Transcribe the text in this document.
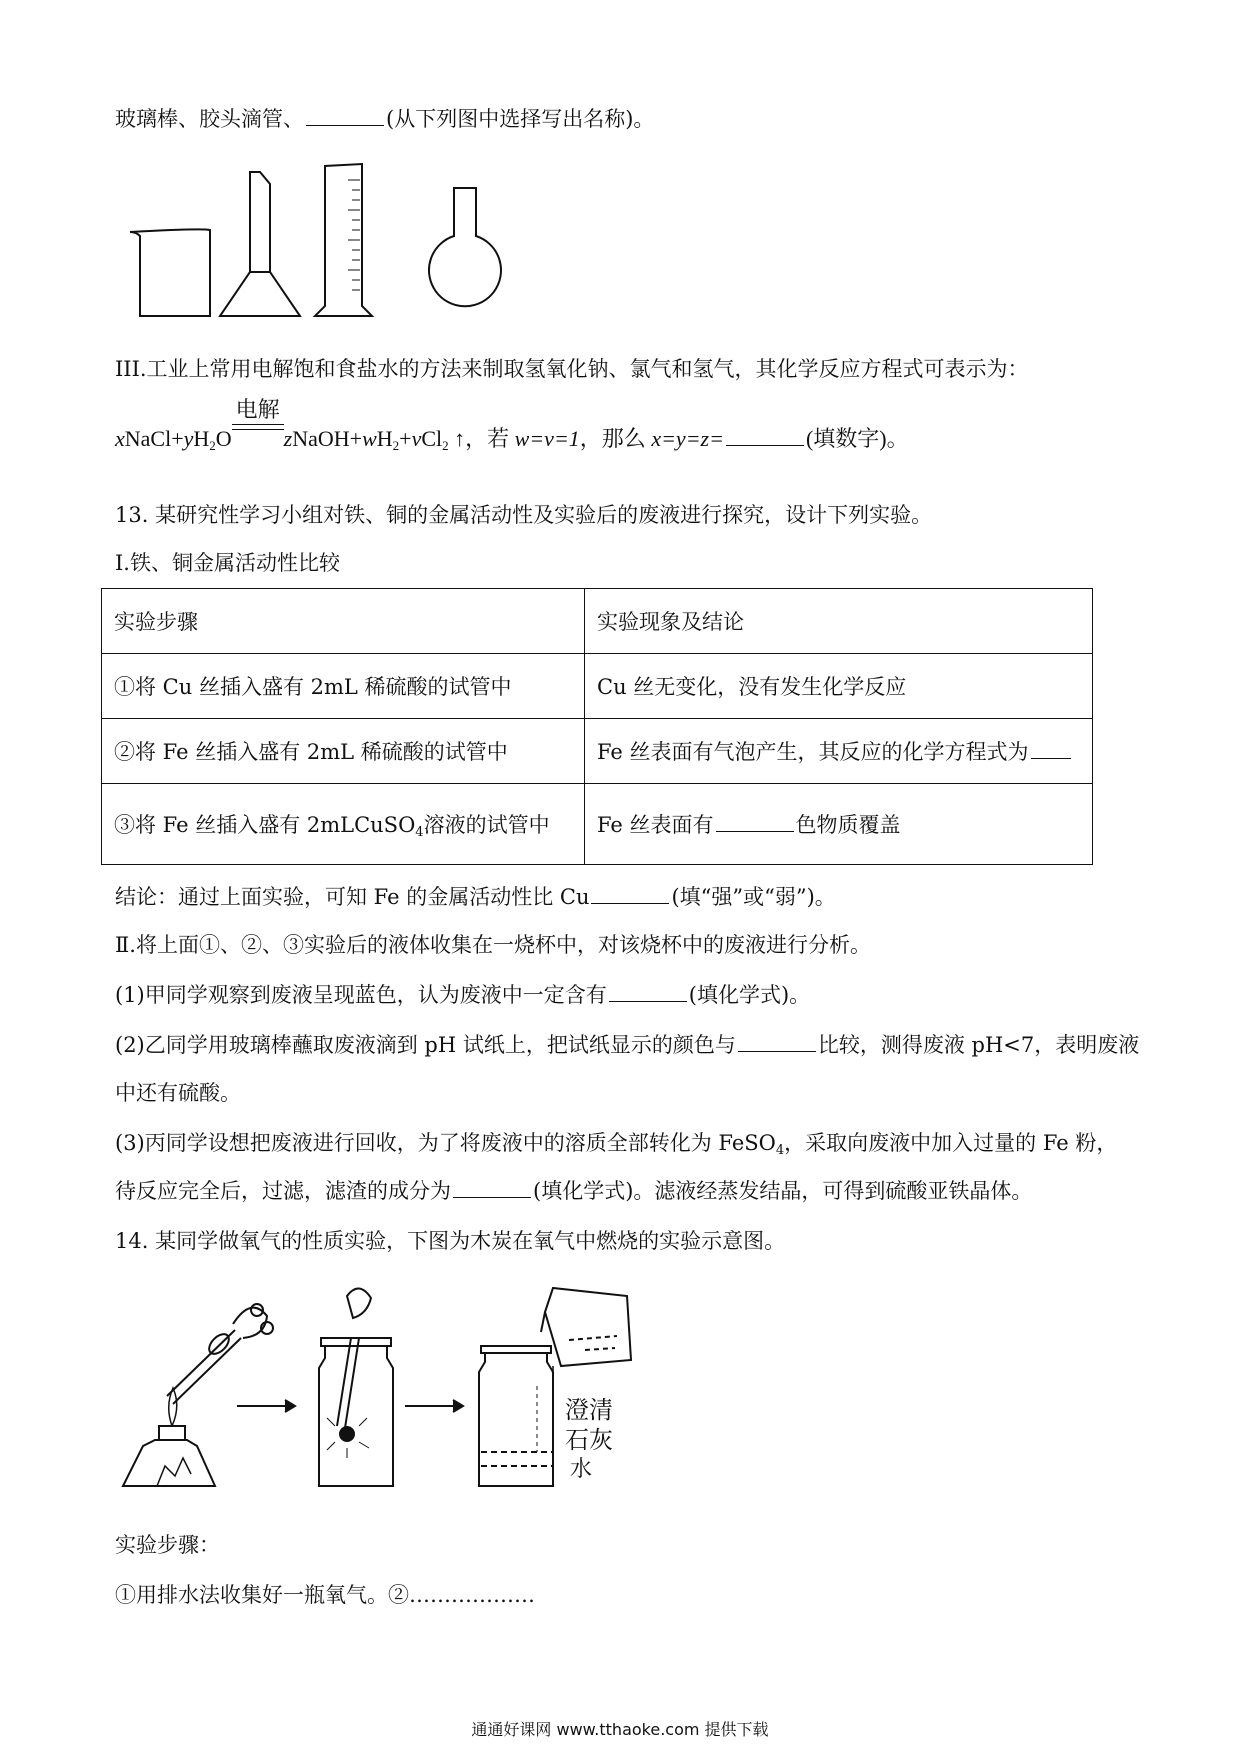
玻璃棒、胶头滴管、	(从下列图中选择写出名称)。
III.工业上常用电解饱和食盐水的方法来制取氢氧化钠、氯气和氢气，其化学反应方程式可表示为：
$xNaCl+yH_2O$
电解
$zNaOH+wH_2+vCl_2$ ↑，若 w=v=1，那么 x=y=z=	(填数字)。
13. 某研究性学习小组对铁、铜的金属活动性及实验后的废液进行探究，设计下列实验。
Ⅰ.铁、铜金属活动性比较
实验步骤	实验现象及结论
①将 Cu 丝插入盛有 2mL 稀硫酸的试管中	Cu 丝无变化，没有发生化学反应
②将 Fe 丝插入盛有 2mL 稀硫酸的试管中	Fe 丝表面有气泡产生，其反应的化学方程式为
③将 Fe 丝插入盛有 2mLCuSO$_4$溶液的试管中	Fe 丝表面有 色物质覆盖
结论：通过上面实验，可知 Fe 的金属活动性比 Cu	(填“强”或“弱”)。
Ⅱ.将上面①、②、③实验后的液体收集在一烧杯中，对该烧杯中的废液进行分析。
(1)甲同学观察到废液呈现蓝色，认为废液中一定含有	(填化学式)。
(2)乙同学用玻璃棒蘸取废液滴到 pH 试纸上，把试纸显示的颜色与	比较，测得废液 pH<7，表明废液
中还有硫酸。
(3)丙同学设想把废液进行回收，为了将废液中的溶质全部转化为 FeSO$_4$，采取向废液中加入过量的 Fe 粉，
待反应完全后，过滤，滤渣的成分为	(填化学式)。滤液经蒸发结晶，可得到硫酸亚铁晶体。
14. 某同学做氧气的性质实验，下图为木炭在氧气中燃烧的实验示意图。
澄清
石灰
水
实验步骤：
①用排水法收集好一瓶氧气。②………………
通通好课网 www.tthaoke.com 提供下载
